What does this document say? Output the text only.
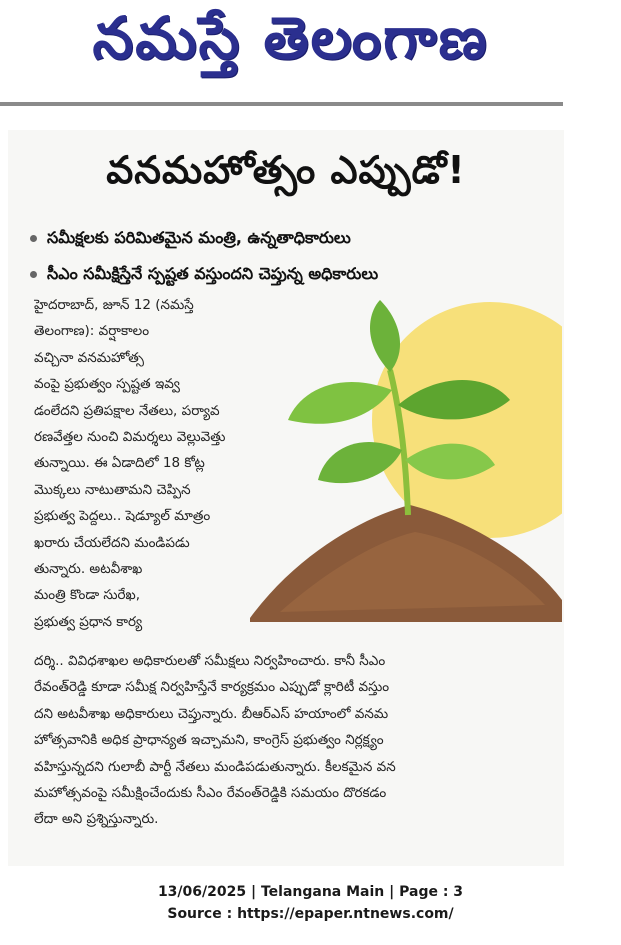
నమస్తే తెలంగాణ
వనమహోత్సం ఎప్పుడో!
సమీక్షలకు పరిమితమైన మంత్రి, ఉన్నతాధికారులు
సీఎం సమీక్షిస్తేనే స్పష్టత వస్తుందని చెప్తున్న అధికారులు
హైదరాబాద్, జూన్ 12 (నమస్తే
తెలంగాణ): వర్షాకాలం
వచ్చినా వనమహోత్స
వంపై ప్రభుత్వం స్పష్టత ఇవ్వ
డంలేదని ప్రతిపక్షాల నేతలు, పర్యావ
రణవేత్తల నుంచి విమర్శలు వెల్లువెత్తు
తున్నాయి. ఈ ఏడాదిలో 18 కోట్ల
మొక్కలు నాటుతామని చెప్పిన
ప్రభుత్వ పెద్దలు.. షెడ్యూల్ మాత్రం
ఖరారు చేయలేదని మండిపడు
తున్నారు. అటవీశాఖ
మంత్రి కొండా సురేఖ,
ప్రభుత్వ ప్రధాన కార్య
దర్శి.. వివిధశాఖల అధికారులతో సమీక్షలు నిర్వహించారు. కానీ సీఎం
రేవంత్‌రెడ్డి కూడా సమీక్ష నిర్వహిస్తేనే కార్యక్రమం ఎప్పుడో క్లారిటీ వస్తుం
దని అటవీశాఖ అధికారులు చెప్తున్నారు. బీఆర్‌ఎస్ హయాంలో వనమ
హోత్సవానికి అధిక ప్రాధాన్యత ఇచ్చామని, కాంగ్రెస్ ప్రభుత్వం నిర్లక్ష్యం
వహిస్తున్నదని గులాబీ పార్టీ నేతలు మండిపడుతున్నారు. కీలకమైన వన
మహోత్సవంపై సమీక్షించేందుకు సీఎం రేవంత్‌రెడ్డికి సమయం దొరకడం
లేదా అని ప్రశ్నిస్తున్నారు.
13/06/2025 | Telangana Main | Page : 3
Source : https://epaper.ntnews.com/
